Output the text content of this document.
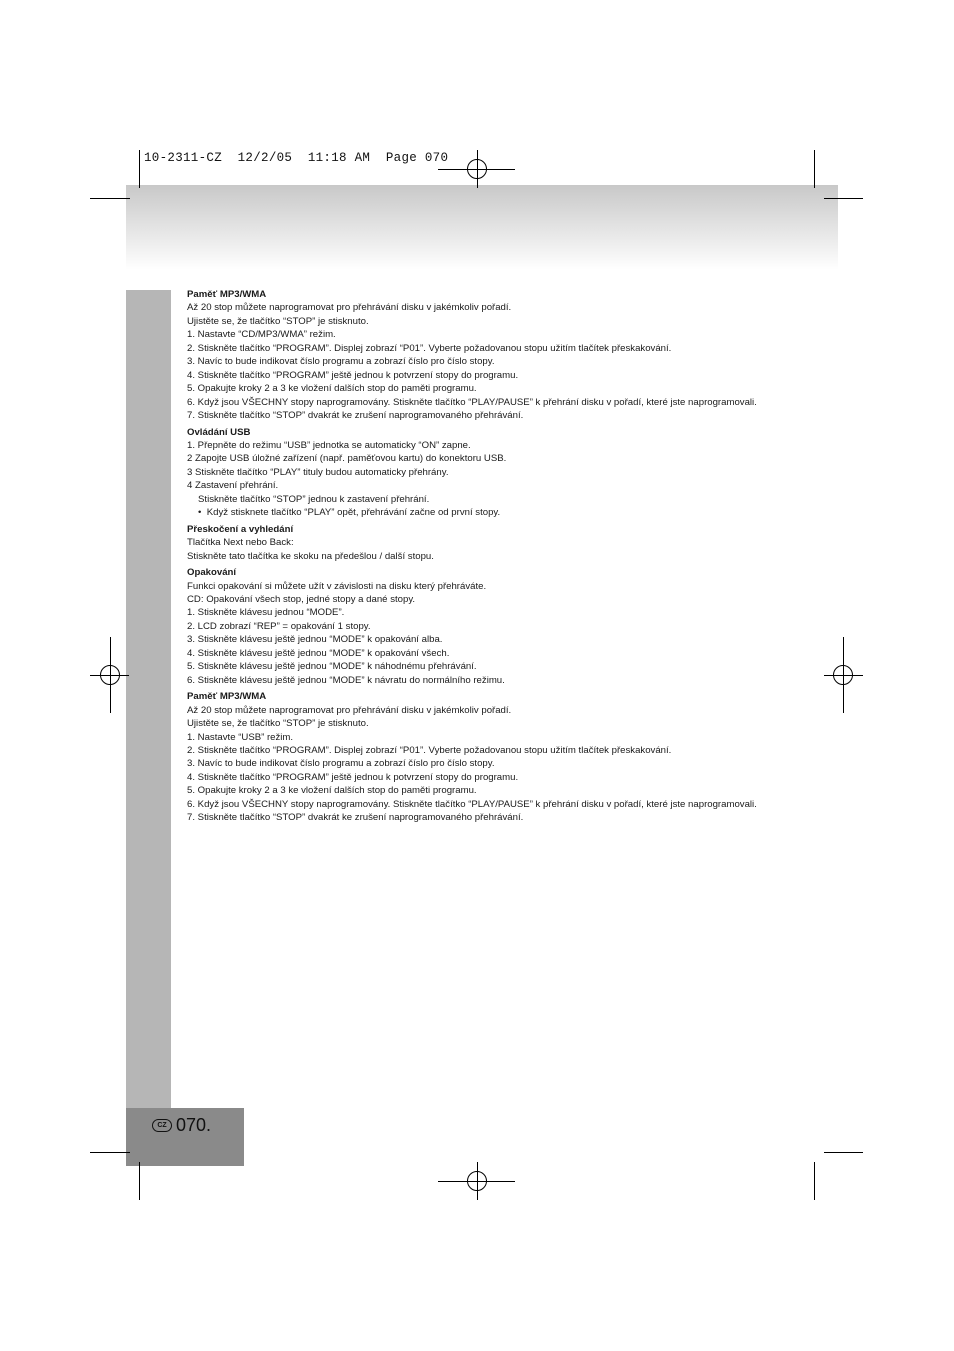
10-2311-CZ  12/2/05  11:18 AM  Page 070
CZ 070.
Paměť MP3/WMA
Až 20 stop můžete naprogramovat pro přehrávání disku v jakémkoliv pořadí.
Ujistěte se, že tlačítko “STOP” je stisknuto.
1. Nastavte “CD/MP3/WMA” režim.
2. Stiskněte tlačítko “PROGRAM”. Displej zobrazí “P01”. Vyberte požadovanou stopu užitím tlačítek přeskakování.
3. Navíc to bude indikovat číslo programu a zobrazí číslo pro číslo stopy.
4. Stiskněte tlačítko “PROGRAM” ještě jednou k potvrzení stopy do programu.
5. Opakujte kroky 2 a 3 ke vložení dalších stop do paměti programu.
6. Když jsou VŠECHNY stopy naprogramovány. Stiskněte tlačítko “PLAY/PAUSE” k přehrání disku v pořadí, které jste naprogramovali.
7. Stiskněte tlačítko “STOP” dvakrát ke zrušení naprogramovaného přehrávání.
Ovládání USB
1. Přepněte do režimu “USB” jednotka se automaticky “ON” zapne.
2 Zapojte USB úložné zařízení (např. paměťovou kartu) do konektoru USB.
3 Stiskněte tlačítko “PLAY” tituly budou automaticky přehrány.
4 Zastavení přehrání.
Stiskněte tlačítko “STOP” jednou k zastavení přehrání.
• Když stisknete tlačítko “PLAY” opět, přehrávání začne od první stopy.
Přeskočení a vyhledání
Tlačítka Next nebo Back:
Stiskněte tato tlačítka ke skoku na předešlou / další stopu.
Opakování
Funkci opakování si můžete užít v závislosti na disku který přehráváte.
CD: Opakování všech stop, jedné stopy a dané stopy.
1. Stiskněte klávesu jednou “MODE”.
2. LCD zobrazí “REP” = opakování 1 stopy.
3. Stiskněte klávesu ještě jednou “MODE” k opakování alba.
4. Stiskněte klávesu ještě jednou “MODE” k opakování všech.
5. Stiskněte klávesu ještě jednou “MODE” k náhodnému přehrávání.
6. Stiskněte klávesu ještě jednou “MODE” k návratu do normálního režimu.
Paměť MP3/WMA
Až 20 stop můžete naprogramovat pro přehrávání disku v jakémkoliv pořadí.
Ujistěte se, že tlačítko “STOP” je stisknuto.
1. Nastavte “USB” režim.
2. Stiskněte tlačítko “PROGRAM”. Displej zobrazí “P01”. Vyberte požadovanou stopu užitím tlačítek přeskakování.
3. Navíc to bude indikovat číslo programu a zobrazí číslo pro číslo stopy.
4. Stiskněte tlačítko “PROGRAM” ještě jednou k potvrzení stopy do programu.
5. Opakujte kroky 2 a 3 ke vložení dalších stop do paměti programu.
6. Když jsou VŠECHNY stopy naprogramovány. Stiskněte tlačítko “PLAY/PAUSE” k přehrání disku v pořadí, které jste naprogramovali.
7. Stiskněte tlačítko “STOP” dvakrát ke zrušení naprogramovaného přehrávání.
